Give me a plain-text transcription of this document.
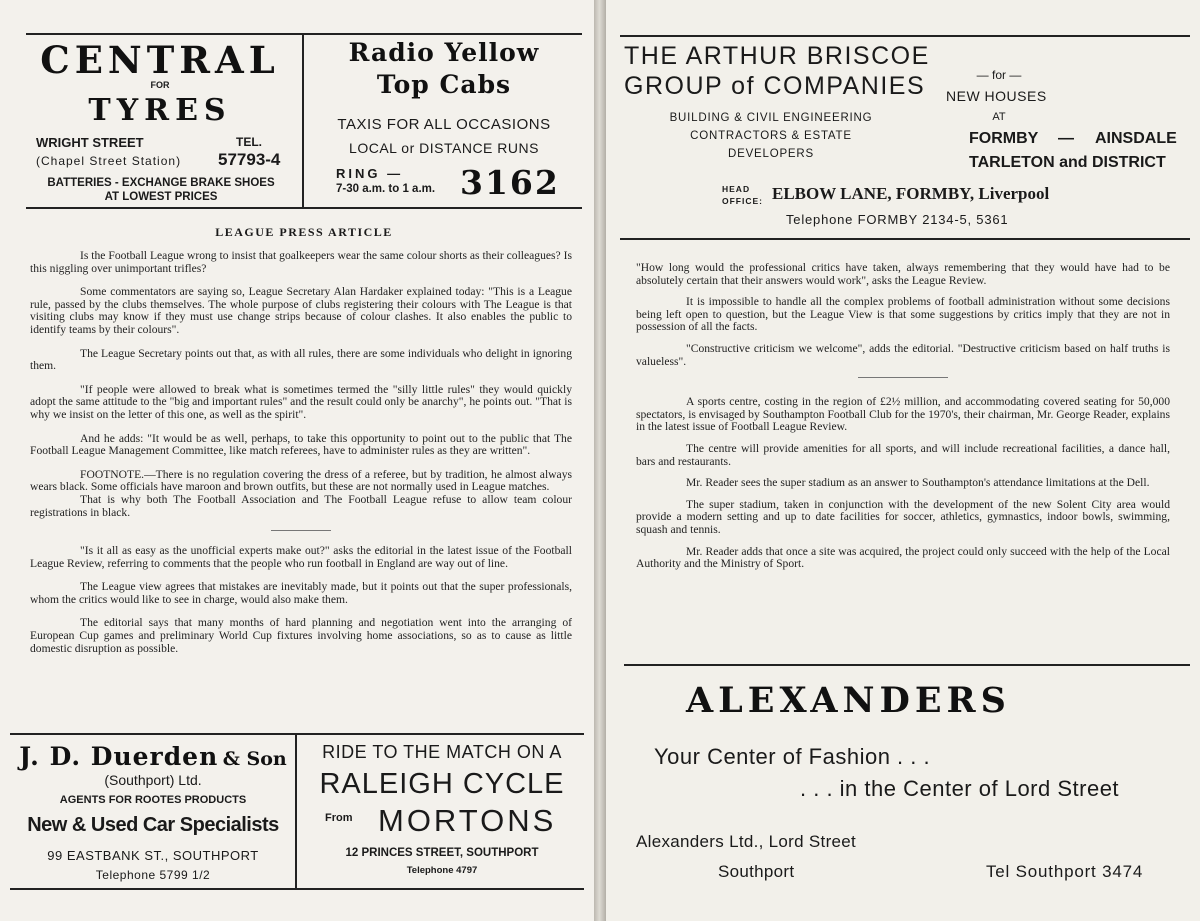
CENTRAL
FOR
TYRES
WRIGHT STREET	TEL.
(Chapel Street Station) 57793-4
BATTERIES - EXCHANGE BRAKE SHOES
AT LOWEST PRICES
Radio Yellow
Top Cabs
TAXIS FOR ALL OCCASIONS
LOCAL or DISTANCE RUNS
RING —
7-30 a.m. to 1 a.m. 3162
LEAGUE PRESS ARTICLE

Is the Football League wrong to insist that goalkeepers wear the same colour shorts as their colleagues? Is this niggling over unimportant trifles?

Some commentators are saying so, League Secretary Alan Hardaker explained today: "This is a League rule, passed by the clubs themselves. The whole purpose of clubs registering their colours with The League is that visiting clubs may know if they must use change strips because of colour clashes. It also enables the public to identify teams by their colours".

The League Secretary points out that, as with all rules, there are some individuals who delight in ignoring them.

"If people were allowed to break what is sometimes termed the "silly little rules" they would quickly adopt the same attitude to the "big and important rules" and the result could only be anarchy", he points out. "That is why we insist on the letter of this one, as well as the spirit".

And he adds: "It would be as well, perhaps, to take this opportunity to point out to the public that The Football League Management Committee, like match referees, have to administer rules as they are written".

FOOTNOTE.—There is no regulation covering the dress of a referee, but by tradition, he almost always wears black. Some officials have maroon and brown outfits, but these are not normally used in League matches.

That is why both The Football Association and The Football League refuse to allow team colour registrations in black.

"Is it all as easy as the unofficial experts make out?" asks the editorial in the latest issue of the Football League Review, referring to comments that the people who run football in England are way out of line.

The League view agrees that mistakes are inevitably made, but it points out that the super professionals, whom the critics would like to see in charge, would also make them.

The editorial says that many months of hard planning and negotiation went into the arranging of European Cup games and preliminary World Cup fixtures involving home associations, so as to cause as little domestic disruption as possible.

J. D. Duerden & Son
(Southport) Ltd.
AGENTS FOR ROOTES PRODUCTS
New & Used Car Specialists
99 EASTBANK ST., SOUTHPORT
Telephone 5799 1/2
RIDE TO THE MATCH ON A
RALEIGH CYCLE
From MORTONS
12 PRINCES STREET, SOUTHPORT
Telephone 4797
THE ARTHUR BRISCOE
GROUP of COMPANIES
BUILDING & CIVIL ENGINEERING
CONTRACTORS & ESTATE
DEVELOPERS
— for —
NEW HOUSES
AT
FORMBY — AINSDALE
TARLETON and DISTRICT
HEAD
OFFICE: ELBOW LANE, FORMBY, Liverpool
Telephone FORMBY 2134-5, 5361

"How long would the professional critics have taken, always remembering that they would have had to be absolutely certain that their answers would work", asks the League Review.

It is impossible to handle all the complex problems of football administration without some decisions being left open to question, but the League View is that some suggestions by critics imply that they are not in possession of all the facts.

"Constructive criticism we welcome", adds the editorial. "Destructive criticism based on half truths is valueless".

A sports centre, costing in the region of £2½ million, and accommodating covered seating for 50,000 spectators, is envisaged by Southampton Football Club for the 1970's, their chairman, Mr. George Reader, explains in the latest issue of Football League Review.

The centre will provide amenities for all sports, and will include recreational facilities, a dance hall, bars and restaurants.

Mr. Reader sees the super stadium as an answer to Southampton's attendance limitations at the Dell.

The super stadium, taken in conjunction with the development of the new Solent City area would provide a modern setting and up to date facilities for soccer, athletics, gymnastics, indoor bowls, swimming, squash and tennis.

Mr. Reader adds that once a site was acquired, the project could only succeed with the help of the Local Authority and the Ministry of Sport.

ALEXANDERS
Your Center of Fashion . . .
. . . in the Center of Lord Street
Alexanders Ltd., Lord Street
Southport	Tel Southport 3474
